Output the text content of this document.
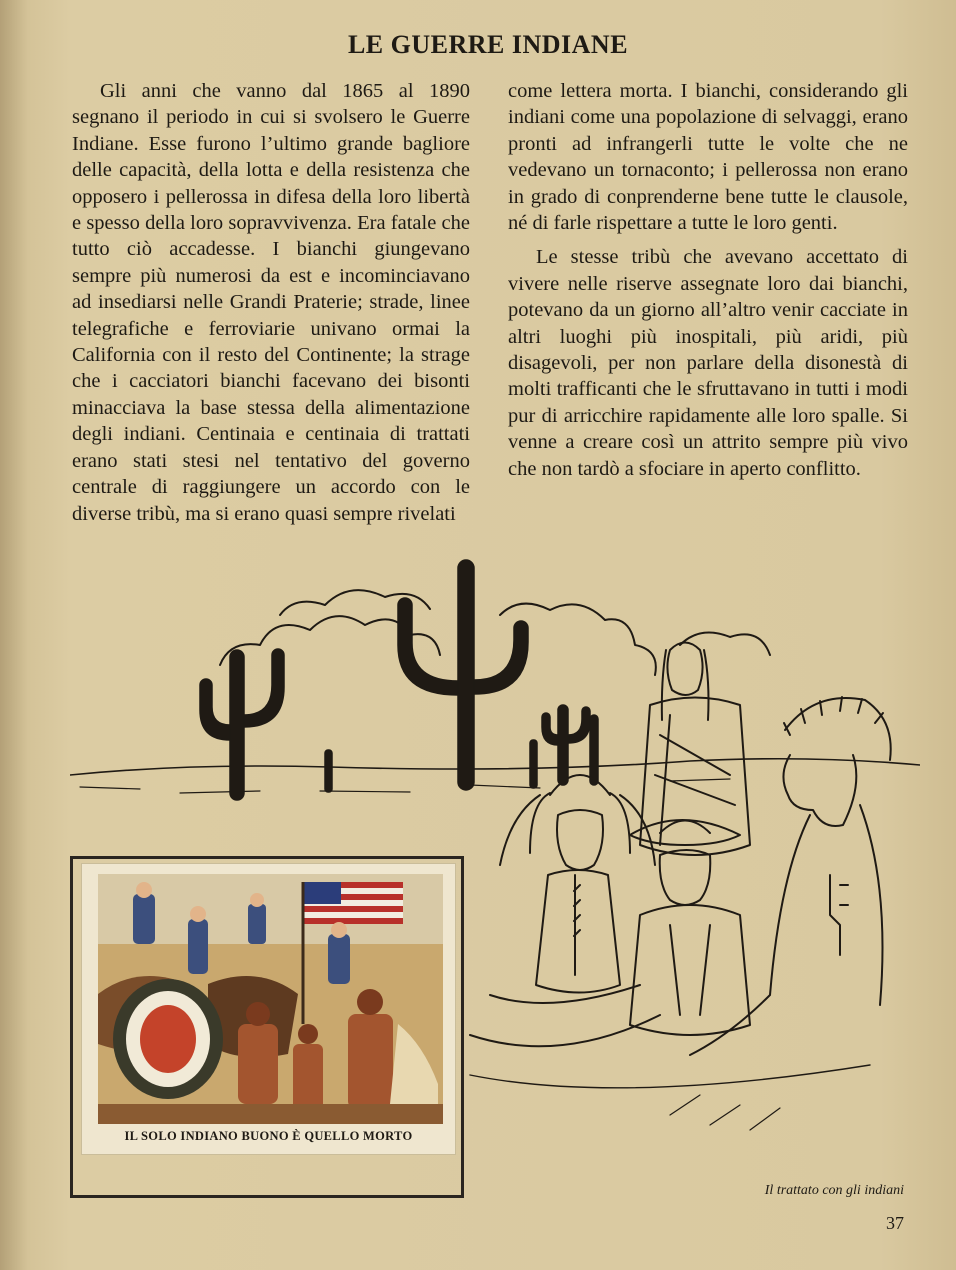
LE GUERRE INDIANE

Gli anni che vanno dal 1865 al 1890 segnano il periodo in cui si svolsero le Guerre Indiane. Esse furono l’ultimo grande bagliore delle capacità, della lotta e della resistenza che opposero i pellerossa in difesa della loro libertà e spesso della loro sopravvivenza. Era fatale che tutto ciò accadesse. I bianchi giungevano sempre più numerosi da est e incominciavano ad insediarsi nelle Grandi Praterie; strade, linee telegrafiche e ferroviarie univano ormai la California con il resto del Continente; la strage che i cacciatori bianchi facevano dei bisonti minacciava la base stessa della alimentazione degli indiani. Centinaia e centinaia di trattati erano stati stesi nel tentativo del governo centrale di raggiungere un accordo con le diverse tribù, ma si erano quasi sempre rivelati

come lettera morta. I bianchi, considerando gli indiani come una popolazione di selvaggi, erano pronti ad infrangerli tutte le volte che ne vedevano un tornaconto; i pellerossa non erano in grado di conprenderne bene tutte le clausole, né di farle rispettare a tutte le loro genti.

Le stesse tribù che avevano accettato di vivere nelle riserve assegnate loro dai bianchi, potevano da un giorno all’altro venir cacciate in altri luoghi più inospitali, più aridi, più disagevoli, per non parlare della disonestà di molti trafficanti che le sfruttavano in tutti i modi pur di arricchire rapidamente alle loro spalle. Si venne a creare così un attrito sempre più vivo che non tardò a sfociare in aperto conflitto.

IL SOLO INDIANO BUONO È QUELLO MORTO
Il trattato con gli indiani
37
